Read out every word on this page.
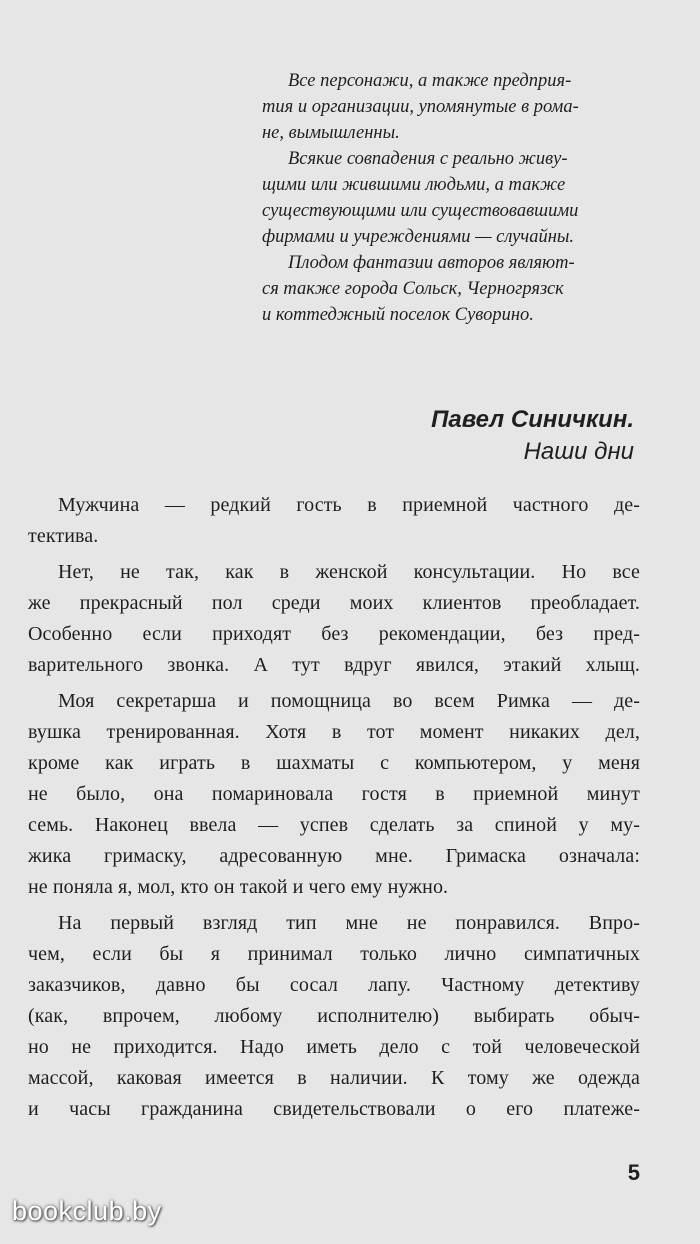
Все персонажи, а также предприя-
тия и организации, упомянутые в рома-
не, вымышленны.

Всякие совпадения с реально живу-
щими или жившими людьми, а также
существующими или существовавшими
фирмами и учреждениями — случайны.

Плодом фантазии авторов являют-
ся также города Сольск, Черногрязск
и коттеджный поселок Суворино.

Павел Синичкин.
Наши дни

Мужчина — редкий гость в приемной частного де-
тектива.

Нет, не так, как в женской консультации. Но все
же прекрасный пол среди моих клиентов преобладает.
Особенно если приходят без рекомендации, без пред-
варительного звонка. А тут вдруг явился, этакий хлыщ.

Моя секретарша и помощница во всем Римка — де-
вушка тренированная. Хотя в тот момент никаких дел,
кроме как играть в шахматы с компьютером, у меня
не было, она помариновала гостя в приемной минут
семь. Наконец ввела — успев сделать за спиной у му-
жика гримаску, адресованную мне. Гримаска означала:
не поняла я, мол, кто он такой и чего ему нужно.

На первый взгляд тип мне не понравился. Впро-
чем, если бы я принимал только лично симпатичных
заказчиков, давно бы сосал лапу. Частному детективу
(как, впрочем, любому исполнителю) выбирать обыч-
но не приходится. Надо иметь дело с той человеческой
массой, каковая имеется в наличии. К тому же одежда
и часы гражданина свидетельствовали о его платеже-

5
bookclub.by
